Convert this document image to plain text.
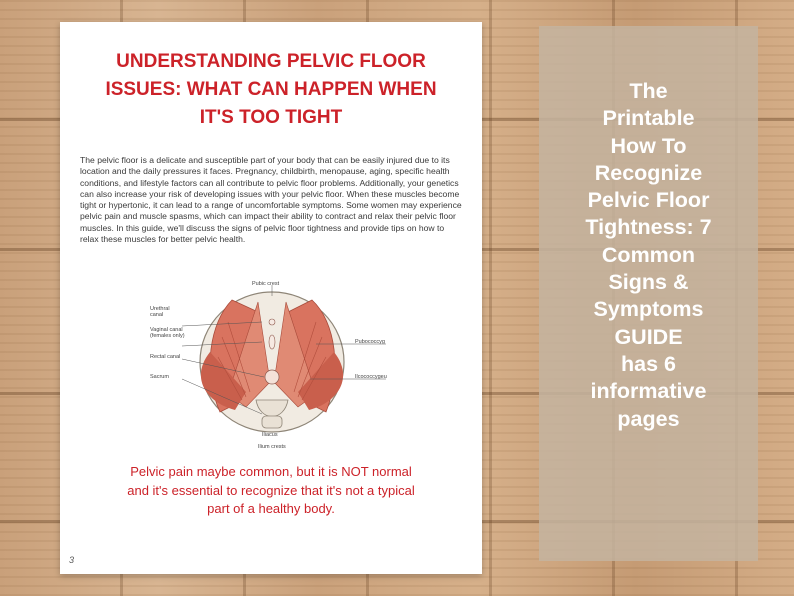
UNDERSTANDING PELVIC FLOOR
ISSUES: WHAT CAN HAPPEN WHEN
IT'S TOO TIGHT

The pelvic floor is a delicate and susceptible part of your body that can be easily injured due to its location and the daily pressures it faces. Pregnancy, childbirth, menopause, aging, specific health conditions, and lifestyle factors can all contribute to pelvic floor problems. Additionally, your genetics can also increase your risk of developing issues with your pelvic floor. When these muscles become tight or hypertonic, it can lead to a range of uncomfortable symptoms. Some women may experience pelvic pain and muscle spasms, which can impact their ability to contract and relax their pelvic floor muscles. In this guide, we'll discuss the signs of pelvic floor tightness and provide tips on how to relax these muscles for better pelvic health.

Pubic crest
Urethral canal
Vaginal canal (females only)
Rectal canal
Sacrum
Pubococcyg
Ilcococcygeu
Iliacus
Ilium crests

Pelvic pain maybe common, but it is NOT normal
and it's essential to recognize that it's not a typical
part of a healthy body.

3

The
Printable
How To
Recognize
Pelvic Floor
Tightness: 7
Common
Signs &
Symptoms
GUIDE
has 6
informative
pages
